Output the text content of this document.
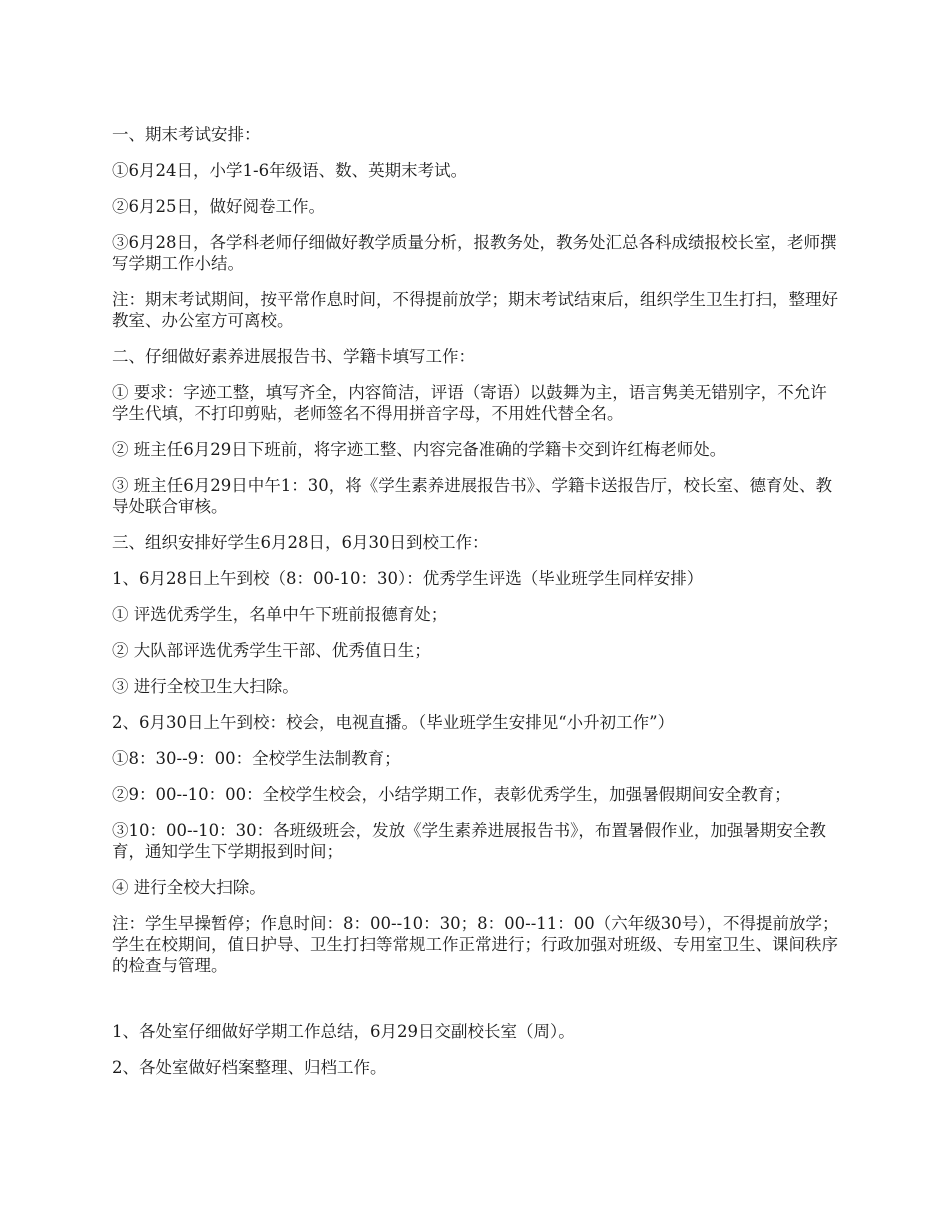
一、期末考试安排：

①6月24日，小学1-6年级语、数、英期末考试。

②6月25日，做好阅卷工作。

③6月28日，各学科老师仔细做好教学质量分析，报教务处，教务处汇总各科成绩报校长室，老师撰写学期工作小结。

注：期末考试期间，按平常作息时间，不得提前放学；期末考试结束后，组织学生卫生打扫，整理好教室、办公室方可离校。

二、仔细做好素养进展报告书、学籍卡填写工作：

① 要求：字迹工整，填写齐全，内容简洁，评语（寄语）以鼓舞为主，语言隽美无错别字，不允许学生代填，不打印剪贴，老师签名不得用拼音字母，不用姓代替全名。

② 班主任6月29日下班前，将字迹工整、内容完备准确的学籍卡交到许红梅老师处。

③ 班主任6月29日中午1：30，将《学生素养进展报告书》、学籍卡送报告厅，校长室、德育处、教导处联合审核。

三、组织安排好学生6月28日，6月30日到校工作：

1、6月28日上午到校（8：00-10：30）：优秀学生评选（毕业班学生同样安排）

① 评选优秀学生，名单中午下班前报德育处；

② 大队部评选优秀学生干部、优秀值日生；

③ 进行全校卫生大扫除。

2、6月30日上午到校：校会，电视直播。（毕业班学生安排见“小升初工作”）

①8：30--9：00：全校学生法制教育；

②9：00--10：00：全校学生校会，小结学期工作，表彰优秀学生，加强暑假期间安全教育；

③10：00--10：30：各班级班会，发放《学生素养进展报告书》，布置暑假作业，加强暑期安全教育，通知学生下学期报到时间；

④ 进行全校大扫除。

注：学生早操暂停；作息时间：8：00--10：30；8：00--11：00（六年级30号），不得提前放学；学生在校期间，值日护导、卫生打扫等常规工作正常进行；行政加强对班级、专用室卫生、课间秩序的检查与管理。

1、各处室仔细做好学期工作总结，6月29日交副校长室（周）。

2、各处室做好档案整理、归档工作。
